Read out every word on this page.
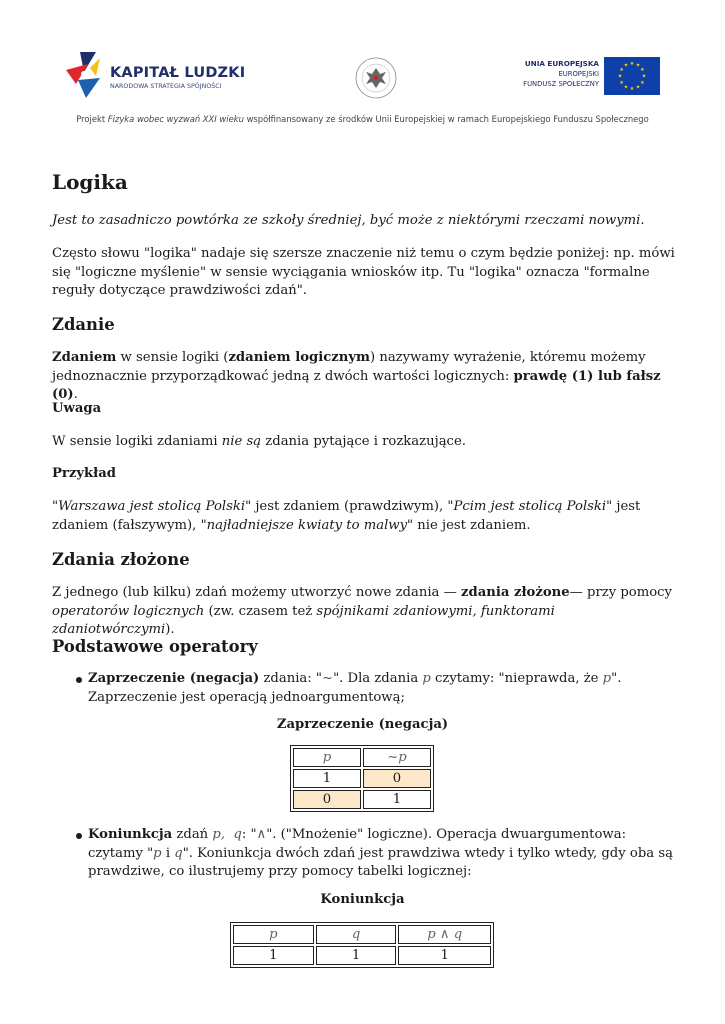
KAPITAŁ LUDZKI
NARODOWA STRATEGIA SPÓJNOŚCI
UNIA EUROPEJSKA
EUROPEJSKI
FUNDUSZ SPOŁECZNY
★ ★
★
★
★
★
★
★
★
★
★
★
Projekt Fizyka wobec wyzwań XXI wieku współfinansowany ze środków Unii Europejskiej w ramach Europejskiego Funduszu Społecznego
Logika

Jest to zasadniczo powtórka ze szkoły średniej, być może z niektórymi rzeczami nowymi.

Często słowu "logika" nadaje się szersze znaczenie niż temu o czym będzie poniżej: np. mówi się "logiczne myślenie" w sensie wyciągania wniosków itp. Tu "logika" oznacza "formalne reguły dotyczące prawdziwości zdań".

Zdanie

Zdaniem w sensie logiki (zdaniem logicznym) nazywamy wyrażenie, któremu możemy jednoznacznie przyporządkować jedną z dwóch wartości logicznych: prawdę (1) lub fałsz (0).

Uwaga

W sensie logiki zdaniami nie są zdania pytające i rozkazujące.

Przykład

"Warszawa jest stolicą Polski" jest zdaniem (prawdziwym), "Pcim jest stolicą Polski" jest zdaniem (fałszywym), "najładniejsze kwiaty to malwy" nie jest zdaniem.

Zdania złożone

Z jednego (lub kilku) zdań możemy utworzyć nowe zdania — zdania złożone— przy pomocy operatorów logicznych (zw. czasem też spójnikami zdaniowymi, funktorami zdaniotwórczymi).

Podstawowe operatory

Zaprzeczenie (negacja) zdania: "~". Dla zdania p czytamy: "nieprawda, że p". Zaprzeczenie jest operacją jednoargumentową;

Zaprzeczenie (negacja)
p	~p
1	0
0	1

Koniunkcja zdań p,  q: "∧". ("Mnożenie" logiczne). Operacja dwuargumentowa: czytamy "p i q". Koniunkcja dwóch zdań jest prawdziwa wtedy i tylko wtedy, gdy oba są prawdziwe, co ilustrujemy przy pomocy tabelki logicznej:

Koniunkcja
p	q	p ∧ q
1	1	1
